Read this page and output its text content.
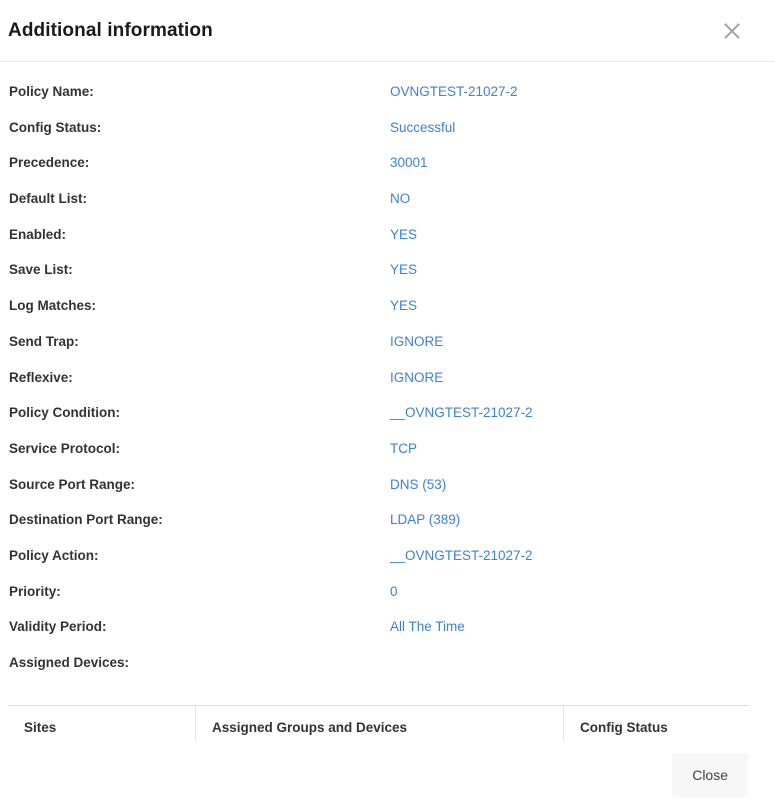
Additional information
Policy Name:	OVNGTEST-21027-2
Config Status:	Successful
Precedence:	30001
Default List:	NO
Enabled:	YES
Save List:	YES
Log Matches:	YES
Send Trap:	IGNORE
Reflexive:	IGNORE
Policy Condition:	__OVNGTEST-21027-2
Service Protocol:	TCP
Source Port Range:	DNS (53)
Destination Port Range:	LDAP (389)
Policy Action:	__OVNGTEST-21027-2
Priority:	0
Validity Period:	All The Time
Assigned Devices:
Sites	Assigned Groups and Devices	Config Status
Close
